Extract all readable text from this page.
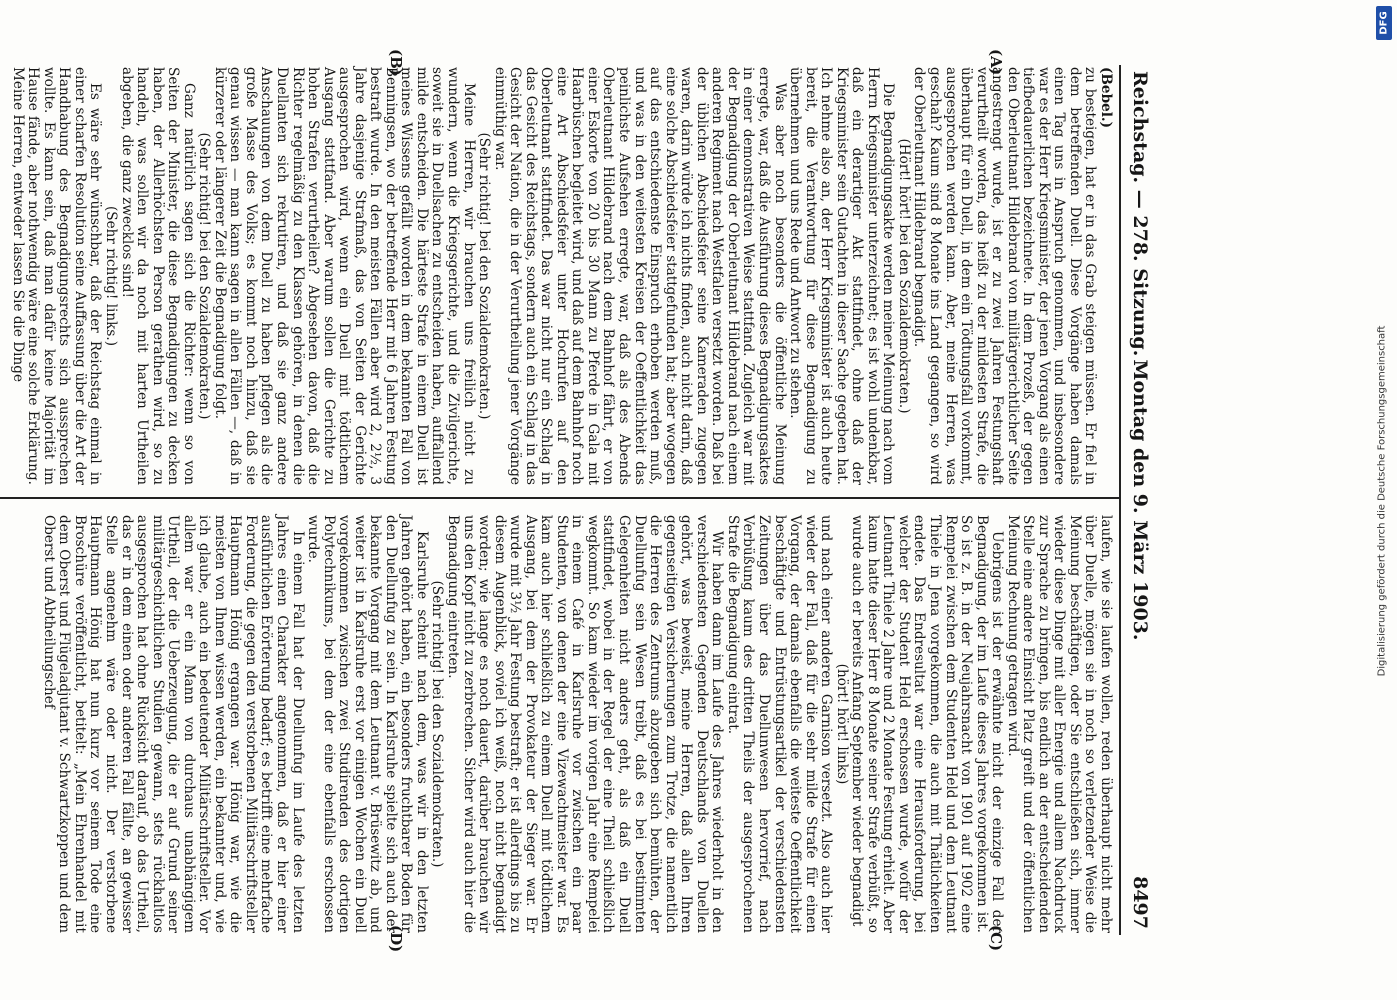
Reichstag. — 278. Sitzung.
Montag den 9. März 1903.
8497
(A)
(B)
(C)
(D)

(Bebel.)

zu besteigen, hat er in das Grab steigen müssen. Er fiel in dem betreffenden Duell. Diese Vorgänge haben damals einen Tag uns in Anspruch genommen, und insbesondere war es der Herr Kriegsminister, der jenen Vorgang als einen tiefbedauerlichen bezeichnete. In dem Prozeß, der gegen den Oberleutnant Hildebrand von militärgerichtlicher Seite angestrengt wurde, ist er zu zwei Jahren Festungshaft verurtheilt worden, das heißt zu der mildesten Strafe, die überhaupt für ein Duell, in dem ein Tödtungsfall vorkommt, ausgesprochen werden kann. Aber, meine Herren, was geschah? Kaum sind 8 Monate ins Land gegangen, so wird der Oberleutnant Hildebrand begnadigt.

(Hört! hört! bei den Sozialdemokraten.)

Die Begnadigungsakte werden meiner Meinung nach vom Herrn Kriegsminister unterzeichnet; es ist wohl undenkbar, daß ein derartiger Akt stattfindet, ohne daß der Kriegsminister sein Gutachten in dieser Sache gegeben hat. Ich nehme also an, der Herr Kriegsminister ist auch heute bereit, die Verantwortung für diese Begnadigung zu übernehmen und uns Rede und Antwort zu stehen.

Was aber noch besonders die öffentliche Meinung erregte, war, daß die Ausführung dieses Begnadigungsaktes in einer demonstrativen Weise stattfand. Zugleich war mit der Begnadigung der Oberleutnant Hildebrand nach einem anderen Regiment nach Westfalen versetzt worden. Daß bei der üblichen Abschiedsfeier seine Kameraden zugegen waren, darin würde ich nichts finden, auch nicht darin, daß eine solche Abschiedsfeier stattgefunden hat; aber wogegen auf das entschiedenste Einspruch erhoben werden muß, und was in den weitesten Kreisen der Oeffentlichkeit das peinlichste Aufsehen erregte, war, daß als des Abends Oberleutnant Hildebrand nach dem Bahnhof fährt, er von einer Eskorte von 20 bis 30 Mann zu Pferde in Gala mit Haarbüschen begleitet wird, und daß auf dem Bahnhof noch eine Art Abschiedsfeier unter Hochrufen auf den Oberleutnant stattfindet. Das war nicht nur ein Schlag in das Gesicht des Reichstags, sondern auch ein Schlag in das Gesicht der Nation, die in der Verurtheilung jener Vorgänge einmüthig war.

(Sehr richtig! bei den Sozialdemokraten.)

Meine Herren, wir brauchen uns freilich nicht zu wundern, wenn die Kriegsgerichte, und die Zivilgerichte, soweit sie in Duellsachen zu entscheiden haben, auffallend milde entscheiden. Die härteste Strafe in einem Duell ist meines Wissens gefällt worden in dem bekannten Fall von Benningsen, wo der betreffende Herr mit 6 Jahren Festung bestraft wurde. In den meisten Fällen aber wird 2, 2½, 3 Jahre dasjenige Strafmaß, das von Seiten der Gerichte ausgesprochen wird, wenn ein Duell mit tödtlichem Ausgang stattfand. Aber warum sollen die Gerichte zu hohen Strafen verurtheilen? Abgesehen davon, daß die Richter regelmäßig zu den Klassen gehören, in denen die Duellanten sich rekrutiren, und daß sie ganz andere Anschauungen von dem Duell zu haben pflegen als die große Masse des Volks; es kommt noch hinzu, daß sie genau wissen — man kann sagen in allen Fällen —, daß in kürzerer oder längerer Zeit die Begnadigung folgt.

(Sehr richtig! bei den Sozialdemokraten.)

Ganz natürlich sagen sich die Richter: wenn so von Seiten der Minister, die diese Begnadigungen zu decken haben, der Allerhöchsten Person gerathen wird, so zu handeln, was sollen wir da noch mit harten Urtheilen abgeben, die ganz zwecklos sind!

(Sehr richtig! links.)

Es wäre sehr wünschbar, daß der Reichstag einmal in einer scharfen Resolution seine Auffassung über die Art der Handhabung des Begnadigungsrechts sich aussprechen wollte. Es kann sein, daß man dafür keine Majorität im Hause fände, aber nothwendig wäre eine solche Erklärung. Meine Herren, entweder lassen Sie die Dinge

laufen, wie sie laufen wollen, reden überhaupt nicht mehr über Duelle, mögen sie in noch so verletzender Weise die Meinung beschäftigen, oder Sie entschließen sich, immer wieder diese Dinge mit aller Energie und allem Nachdruck zur Sprache zu bringen, bis endlich an der entscheidenden Stelle eine andere Einsicht Platz greift und der öffentlichen Meinung Rechnung getragen wird.

Uebrigens ist der erwähnte nicht der einzige Fall der Begnadigung, der im Laufe dieses Jahres vorgekommen ist. So ist z. B. in der Neujahrsnacht von 1901 auf 1902 eine Rempelei zwischen dem Studenten Held und dem Leutnant Thiele in Jena vorgekommen, die auch mit Thätlichkeiten endete. Das Endresultat war eine Herausforderung, bei welcher der Student Held erschossen wurde, wofür der Leutnant Thiele 2 Jahre und 2 Monate Festung erhielt. Aber kaum hatte dieser Herr 8 Monate seiner Strafe verbüßt, so wurde auch er bereits Anfang September wieder begnadigt

(hört! hört! links)

und nach einer anderen Garnison versetzt. Also auch hier wieder der Fall, daß für die sehr milde Strafe für einen Vorgang, der damals ebenfalls die weiteste Oeffentlichkeit beschäftigte und Entrüstungsartikel der verschiedensten Zeitungen über das Duellunwesen hervorrief, nach Verbüßung kaum des dritten Theils der ausgesprochenen Strafe die Begnadigung eintrat.

Wir haben dann im Laufe des Jahres wiederholt in den verschiedensten Gegenden Deutschlands von Duellen gehört, was beweist, meine Herren, daß allen Ihren gegenseitigen Versicherungen zum Trotze, die namentlich die Herren des Zentrums abzugeben sich bemühten, der Duellunfug sein Wesen treibt, daß es bei bestimmten Gelegenheiten nicht anders geht, als daß ein Duell stattfindet, wobei in der Regel der eine Theil schließlich wegkommt. So kam wieder im vorigen Jahr eine Rempelei in einem Café in Karlsruhe vor zwischen ein paar Studenten, von denen der eine Vizewachtmeister war. Es kam auch hier schließlich zu einem Duell mit tödtlichem Ausgang, bei dem der Provokateur der Sieger war. Er wurde mit 3½ Jahr Festung bestraft; er ist allerdings bis zu diesem Augenblick, soviel ich weiß, noch nicht begnadigt worden; wie lange es noch dauert, darüber brauchen wir uns den Kopf nicht zu zerbrechen. Sicher wird auch hier die Begnadigung eintreten.

(Sehr richtig! bei den Sozialdemokraten.)

Karlsruhe scheint nach dem, was wir in den letzten Jahren gehört haben, ein besonders fruchtbarer Boden für den Duellunfug zu sein. In Karlsruhe spielte sich auch der bekannte Vorgang mit dem Leutnant v. Brüsewitz ab, und weiter ist in Karlsruhe erst vor einigen Wochen ein Duell vorgekommen zwischen zwei Studirenden des dortigen Polytechnikums, bei dem der eine ebenfalls erschossen wurde.

In einem Fall hat der Duellunfug im Laufe des letzten Jahres einen Charakter angenommen, daß er hier einer ausführlichen Erörterung bedarf; es betrifft eine mehrfache Forderung, die gegen den verstorbenen Militärschriftsteller Hauptmann Hönig ergangen war. Hönig war, wie die meisten von Ihnen wissen werden, ein bekannter und, wie ich glaube, auch ein bedeutender Militärschriftsteller. Vor allem war er ein Mann von durchaus unabhängigem Urtheil, der die Ueberzeugung, die er auf Grund seiner militärgeschichtlichen Studien gewann, stets rückhaltlos ausgesprochen hat ohne Rücksicht darauf, ob das Urtheil, das er in dem einen oder anderen Fall fällte, an gewisser Stelle angenehm wäre oder nicht. Der verstorbene Hauptmann Hönig hat nun kurz vor seinem Tode eine Broschüre veröffentlicht, betitelt: „Mein Ehrenhandel mit dem Oberst und Flügeladjutant v. Schwartzkoppen und dem Oberst und Abtheilungschef

DFG
Digitalisierung gefördert durch die Deutsche Forschungsgemeinschaft
